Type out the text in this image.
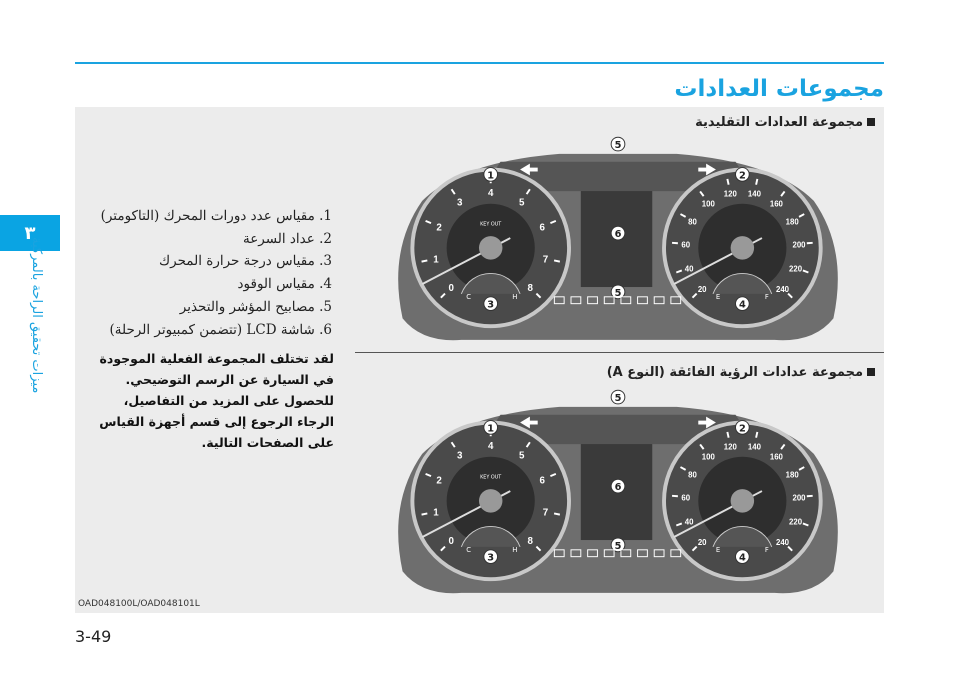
مجموعات العدادات
٣
ميزات تحقيق الراحة بالمركبة
مجموعة العدادات التقليدية
مجموعة عدادات الرؤية الفائقة (النوع A)
1. مقياس عدد دورات المحرك (التاكومتر)
2. عداد السرعة
3. مقياس درجة حرارة المحرك
4. مقياس الوقود
5. مصابيح المؤشر والتحذير
6. شاشة LCD (تتضمن كمبيوتر الرحلة)
لقد تختلف المجموعة الفعلية الموجودة في السيارة عن الرسم التوضيحي.
للحصول على المزيد من التفاصيل، الرجاء الرجوع إلى قسم أجهزة القياس على الصفحات التالية.
0
1
2
3
4
5
6
7
8	20
40
60
80
100
120 140
160
180
200
220
240
C	H	E	F
KEY OUT
1	2
3	4
5
5
6
0
1
2
3
4
5
6
7
8	20
40
60
80
100
120 140
160
180
200
220
240
C	H	E	F
KEY OUT
1	2
3	4
5
5
6
OAD048100L/OAD048101L
3-49
